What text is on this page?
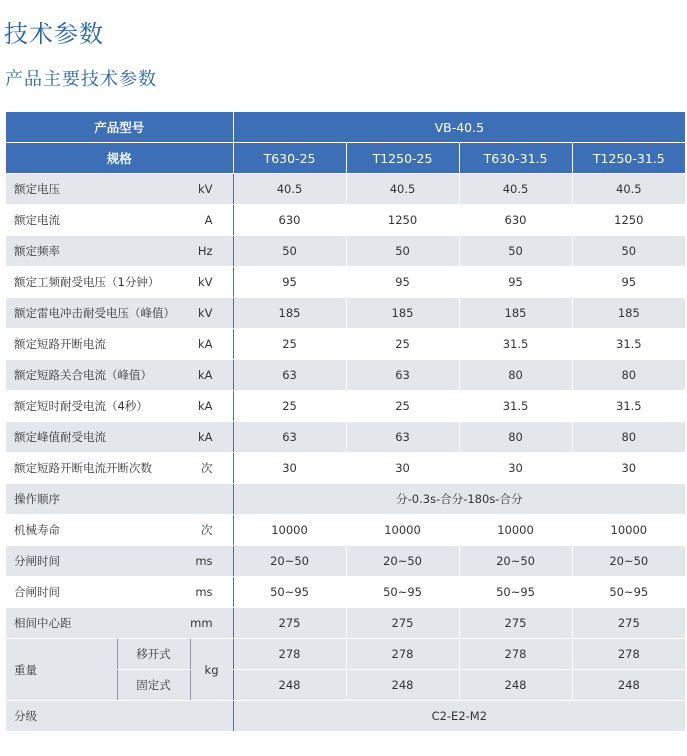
技术参数
产品主要技术参数
产品型号			VB-40.5			
规格			T630-25	T1250-25	T630-31.5	T1250-31.5
额定电压		kV	40.5	40.5	40.5	40.5
额定电流		A	630	1250	630	1250
额定频率		Hz	50	50	50	50
额定工频耐受电压（1分钟）		kV	95	95	95	95
额定雷电冲击耐受电压（峰值）		kV	185	185	185	185
额定短路开断电流		kA	25	25	31.5	31.5
额定短路关合电流（峰值）		kA	63	63	80	80
额定短时耐受电流（4秒）		kA	25	25	31.5	31.5
额定峰值耐受电流		kA	63	63	80	80
额定短路开断电流开断次数		次	30	30	30	30
操作顺序			分-0.3s-合分-180s-合分			
机械寿命		次	10000	10000	10000	10000
分闸时间		ms	20~50	20~50	20~50	20~50
合闸时间		ms	50~95	50~95	50~95	50~95
相间中心距		mm	275	275	275	275
重量	移开式	kg	278	278	278	278
	固定式		248	248	248	248
分级			C2-E2-M2			
